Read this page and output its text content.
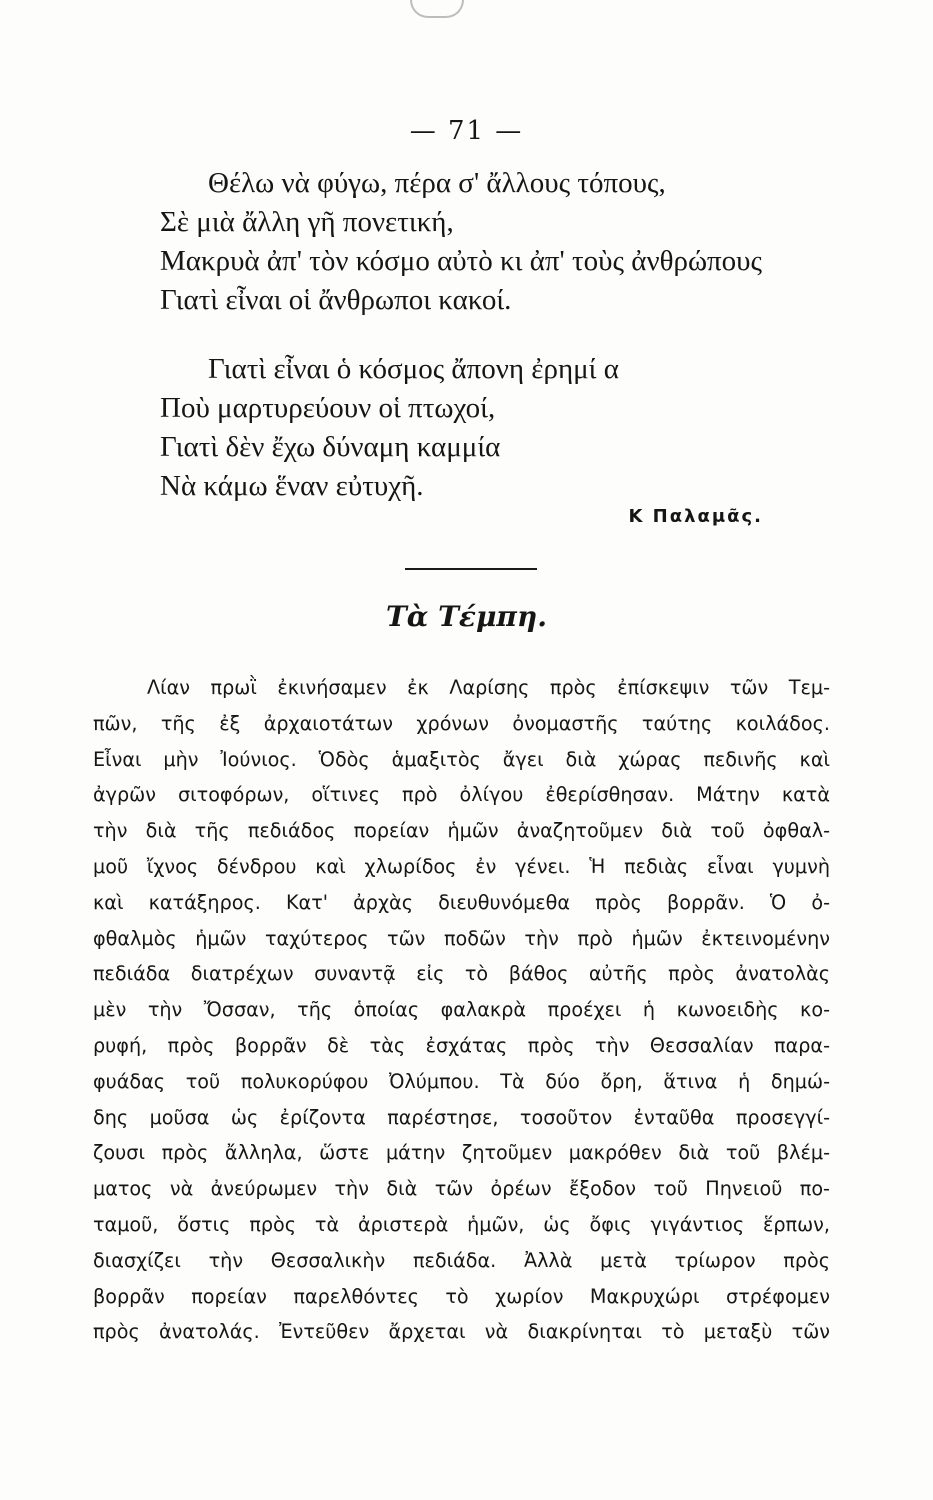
— 71 —
Θέλω νὰ φύγω, πέρα σ' ἄλλους τόπους,
Σὲ μιὰ ἄλλη γῆ πονετική,
Μακρυὰ ἀπ' τὸν κόσμο αὐτὸ κι ἀπ' τοὺς ἀνθρώπους
Γιατὶ εἶναι οἱ ἄνθρωποι κακοί.
Γιατὶ εἶναι ὁ κόσμος ἄπονη ἐρημί α
Ποὺ μαρτυρεύουν οἱ πτωχοί,
Γιατὶ δὲν ἔχω δύναμη καμμία
Νὰ κάμω ἕναν εὐτυχῆ.
Κ Παλαμᾶς.
Τὰ Τέμπη.
Λίαν πρωῒ ἐκινήσαμεν ἐκ Λαρίσης πρὸς ἐπίσκεψιν τῶν Τεμ-
πῶν, τῆς ἐξ ἀρχαιοτάτων χρόνων ὀνομαστῆς ταύτης κοιλάδος.
Εἶναι μὴν Ἰούνιος. Ὁδὸς ἁμαξιτὸς ἄγει διὰ χώρας πεδινῆς καὶ
ἀγρῶν σιτοφόρων, οἵτινες πρὸ ὀλίγου ἐθερίσθησαν. Μάτην κατὰ
τὴν διὰ τῆς πεδιάδος πορείαν ἡμῶν ἀναζητοῦμεν διὰ τοῦ ὀφθαλ-
μοῦ ἴχνος δένδρου καὶ χλωρίδος ἐν γένει. Ἡ πεδιὰς εἶναι γυμνὴ
καὶ κατάξηρος. Κατ' ἀρχὰς διευθυνόμεθα πρὸς βορρᾶν. Ὁ ὀ-
φθαλμὸς ἡμῶν ταχύτερος τῶν ποδῶν τὴν πρὸ ἡμῶν ἐκτεινομένην
πεδιάδα διατρέχων συναντᾷ εἰς τὸ βάθος αὐτῆς πρὸς ἀνατολὰς
μὲν τὴν Ὄσσαν, τῆς ὁποίας φαλακρὰ προέχει ἡ κωνοειδὴς κο-
ρυφή, πρὸς βορρᾶν δὲ τὰς ἐσχάτας πρὸς τὴν Θεσσαλίαν παρα-
φυάδας τοῦ πολυκορύφου Ὀλύμπου. Τὰ δύο ὄρη, ἅτινα ἡ δημώ-
δης μοῦσα ὡς ἐρίζοντα παρέστησε, τοσοῦτον ἐνταῦθα προσεγγί-
ζουσι πρὸς ἄλληλα, ὥστε μάτην ζητοῦμεν μακρόθεν διὰ τοῦ βλέμ-
ματος νὰ ἀνεύρωμεν τὴν διὰ τῶν ὀρέων ἔξοδον τοῦ Πηνειοῦ πο-
ταμοῦ, ὅστις πρὸς τὰ ἀριστερὰ ἡμῶν, ὡς ὄφις γιγάντιος ἕρπων,
διασχίζει τὴν Θεσσαλικὴν πεδιάδα. Ἀλλὰ μετὰ τρίωρον πρὸς
βορρᾶν πορείαν παρελθόντες τὸ χωρίον Μακρυχώρι στρέφομεν
πρὸς ἀνατολάς. Ἐντεῦθεν ἄρχεται νὰ διακρίνηται τὸ μεταξὺ τῶν
